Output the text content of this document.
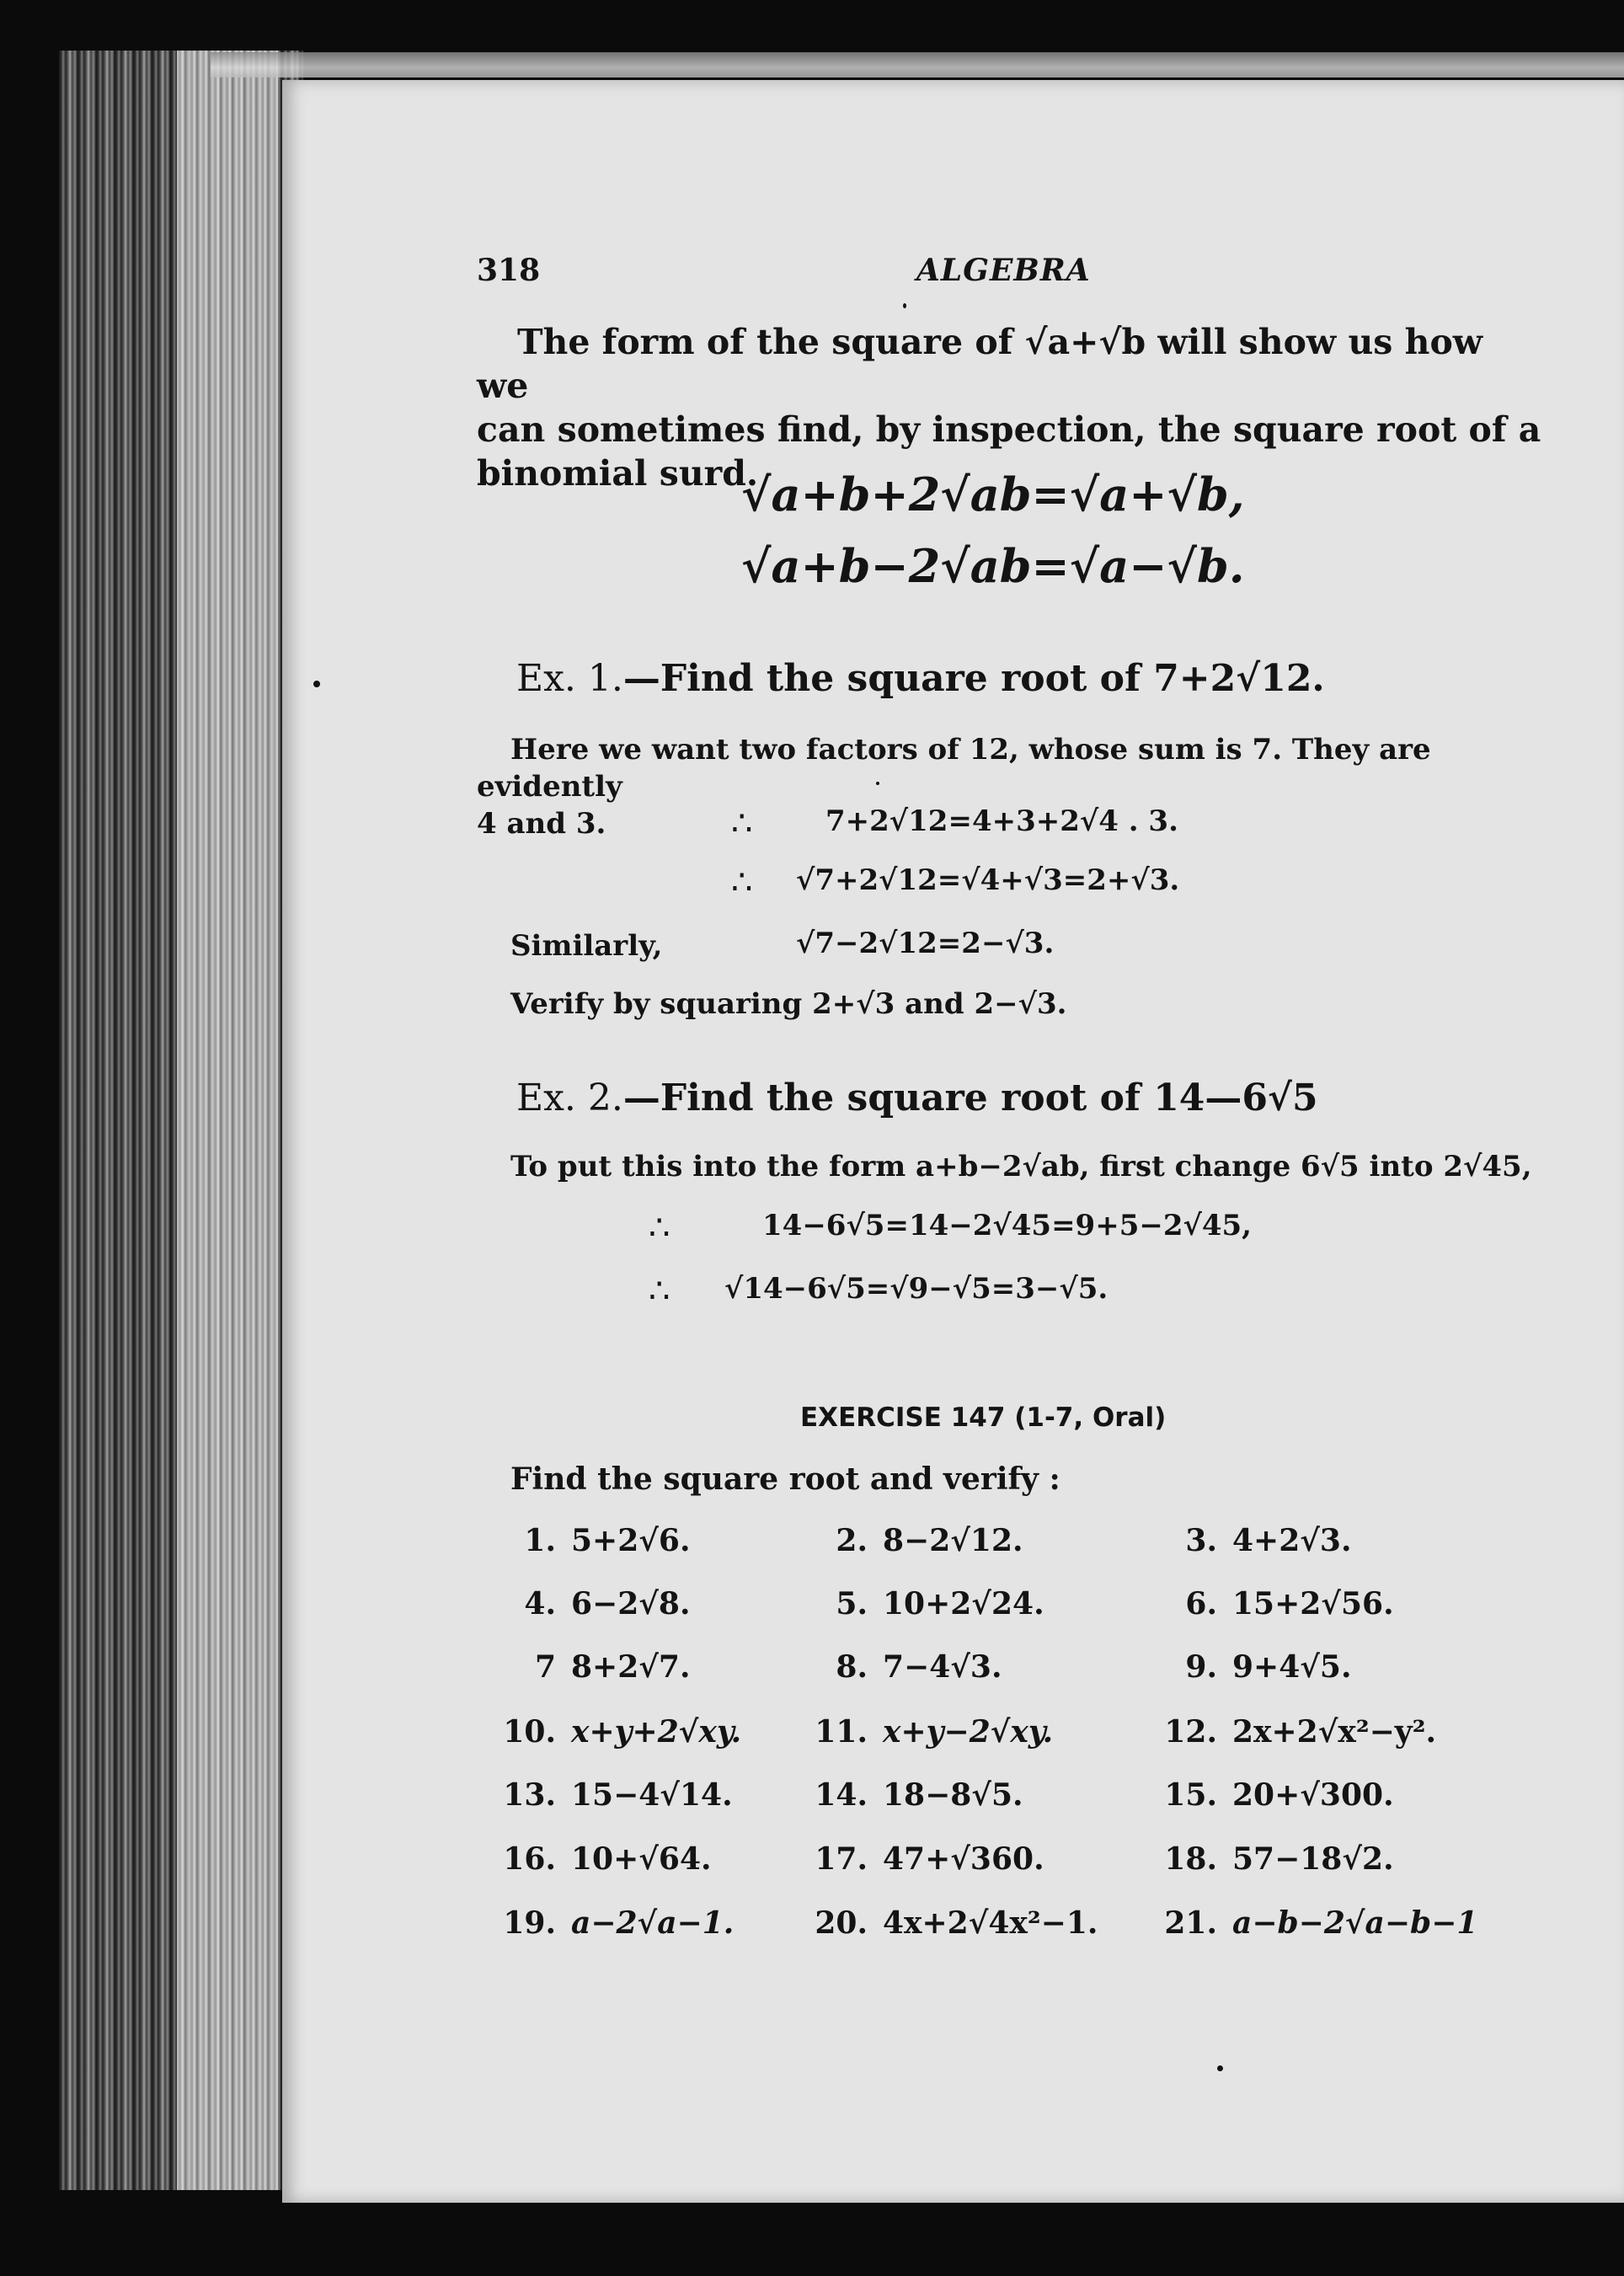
318	ALGEBRA

The form of the square of √a+√b will show us how we

can sometimes find, by inspection, the square root of a

binomial surd.

√a+b+2√ab=√a+√b,
√a+b−2√ab=√a−√b.
Ex. 1.—Find the square root of 7+2√12.
Here we want two factors of 12, whose sum is 7. They are evidently
4 and 3.	∴	7+2√12=4+3+2√4 . 3.
∴ √7+2√12=√4+√3=2+√3.
Similarly,	√7−2√12=2−√3.
Verify by squaring 2+√3 and 2−√3.
Ex. 2.—Find the square root of 14—6√5
To put this into the form a+b−2√ab, first change 6√5 into 2√45,
∴	14−6√5=14−2√45=9+5−2√45,
∴ √14−6√5=√9−√5=3−√5.
EXERCISE 147 (1-7, Oral)
Find the square root and verify :
1. 5+2√6.	2. 8−2√12.	3. 4+2√3.
4. 6−2√8.	5. 10+2√24.	6. 15+2√56.
7 8+2√7.	8. 7−4√3.	9. 9+4√5.
10. x+y+2√xy. 11. x+y−2√xy.	12. 2x+2√x²−y².
13. 15−4√14.	14. 18−8√5.	15. 20+√300.
16. 10+√64.	17. 47+√360.	18. 57−18√2.
19. a−2√a−1.	20. 4x+2√4x²−1. 21. a−b−2√a−b−1
